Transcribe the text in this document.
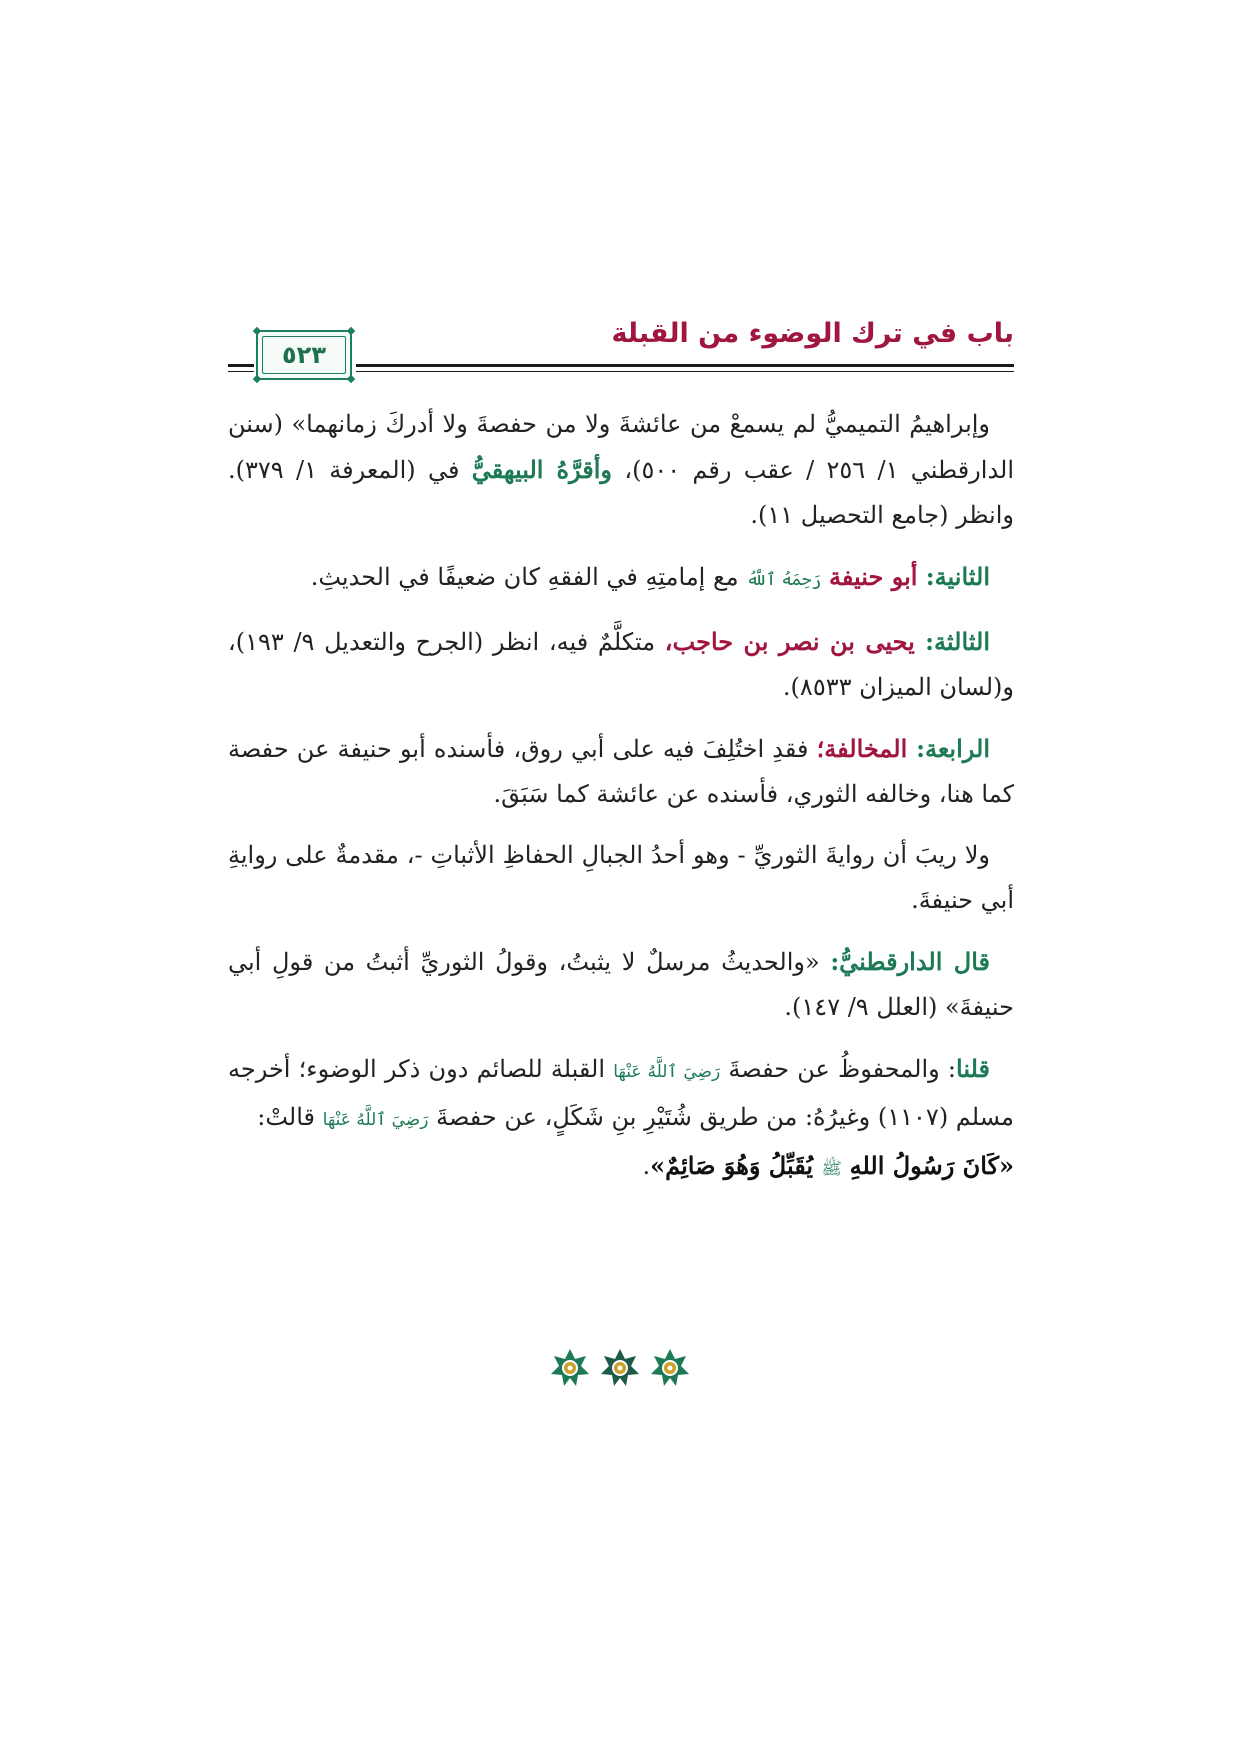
باب في ترك الوضوء من القبلة
٥٢٣

وإبراهيمُ التميميُّ لم يسمعْ من عائشةَ ولا من حفصةَ ولا أدركَ زمانهما» (سنن الدارقطني ١/ ٢٥٦ / عقب رقم ٥٠٠)، وأقرَّهُ البيهقيُّ في (المعرفة ١/ ٣٧٩). وانظر (جامع التحصيل ١١).

الثانية: أبو حنيفة رَحِمَهُ ٱللَّهُ مع إمامتِهِ في الفقهِ كان ضعيفًا في الحديثِ.

الثالثة: يحيى بن نصر بن حاجب، متكلَّمٌ فيه، انظر (الجرح والتعديل ٩/ ١٩٣)، و(لسان الميزان ٨٥٣٣).

الرابعة: المخالفة؛ فقدِ اختُلِفَ فيه على أبي روق، فأسنده أبو حنيفة عن حفصة كما هنا، وخالفه الثوري، فأسنده عن عائشة كما سَبَقَ.

ولا ريبَ أن روايةَ الثوريِّ - وهو أحدُ الجبالِ الحفاظِ الأثباتِ -، مقدمةٌ على روايةِ أبي حنيفةَ.

قال الدارقطنيُّ: «والحديثُ مرسلٌ لا يثبتُ، وقولُ الثوريِّ أثبتُ من قولِ أبي حنيفةَ» (العلل ٩/ ١٤٧).

قلنا: والمحفوظُ عن حفصةَ رَضِيَ ٱللَّهُ عَنْهَا القبلة للصائم دون ذكر الوضوء؛ أخرجه مسلم (١١٠٧) وغيرُهُ: من طريق شُتَيْرِ بنِ شَكَلٍ، عن حفصةَ رَضِيَ ٱللَّهُ عَنْهَا قالتْ:
«كَانَ رَسُولُ اللهِ ﷺ يُقَبِّلُ وَهُوَ صَائِمٌ».
